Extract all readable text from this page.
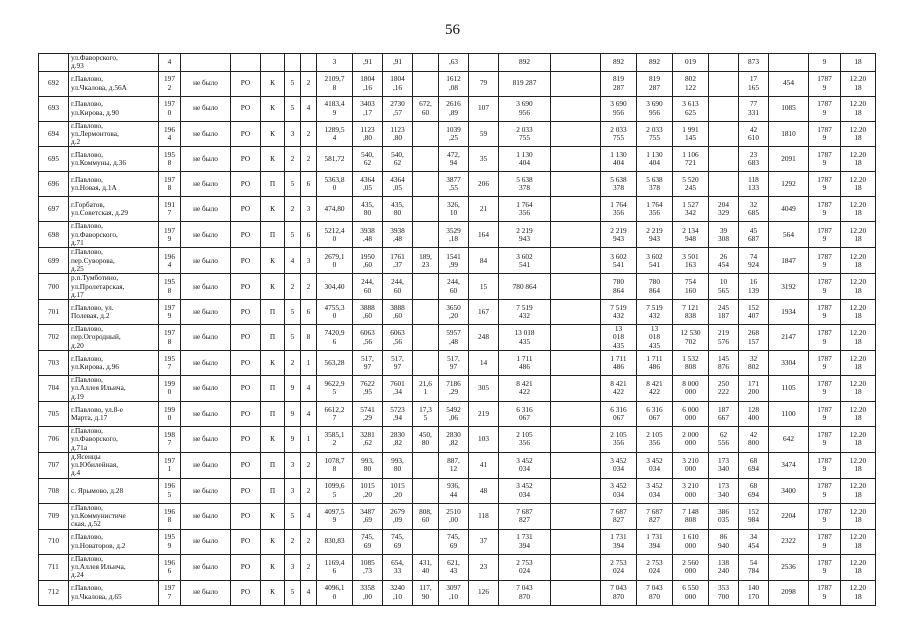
56
	ул.Фаворского,
д.93	4						3	,91	,91		,63		892		892	892	019		873		9	18
692	г.Павлово,
ул.Чкалова, д.56А	197
2	не было	РО	К	5	2	2109,7
8	1804
,16	1804
,16		1612
,08	79	819 287		819
287	819
287	802
122		17
165	454	1787
9	12.20
18
693	г.Павлово,
ул.Кирова, д.90	197
0	не было	РО	К	5	4	4183,4
9	3403
,17	2730
,57	672,
60	2616
,89	107	3 690
956		3 690
956	3 690
956	3 613
625		77
331	1085	1787
9	12.20
18
694	г.Павлово,
ул.Лермонтова,
д.2	196
4	не было	РО	К	3	2	1289,5
4	1123
,80	1123
,80		1039
,25	59	2 033
755		2 033
755	2 033
755	1 991
145		42
610	1810	1787
9	12.20
18
695	г.Павлово,
ул.Коммуны, д.36	195
8	не было	РО	К	2	2	581,72	540,
62	540,
62		472,
94	35	1 130
404		1 130
404	1 130
404	1 106
721		23
683	2091	1787
9	12.20
18
696	г.Павлово,
ул.Новая, д.1А	197
8	не было	РО	П	5	6	5363,8
0	4364
,05	4364
,05		3877
,55	206	5 638
378		5 638
378	5 638
378	5 520
245		118
133	1292	1787
9	12.20
18
697	г.Горбатов,
ул.Советская, д.29	191
7	не было	РО	К	2	3	474,80	435,
80	435,
80		326,
10	21	1 764
356		1 764
356	1 764
356	1 527
342	204
329	32
685	4049	1787
9	12.20
18
698	г.Павлово,
ул.Фаворского,
д.71	197
9	не было	РО	П	5	6	5212,4
0	3938
,48	3938
,48		3529
,18	164	2 219
943		2 219
943	2 219
943	2 134
948	39
308	45
687	564	1787
9	12.20
18
699	г.Павлово,
пер.Суворова,
д.25	196
4	не было	РО	К	4	3	2679,1
0	1950
,60	1761
,37	189,
23	1541
,99	84	3 602
541		3 602
541	3 602
541	3 501
163	26
454	74
924	1847	1787
9	12.20
18
700	р.п.Тумботино,
ул.Пролетарская,
д.17	195
8	не было	РО	К	2	2	304,40	244,
60	244,
60		244,
60	15	780 864		780
864	780
864	754
160	10
565	16
139	3192	1787
9	12.20
18
701	г.Павлово, ул.
Полевая, д.2	197
9	не было	РО	П	5	6	4755,3
0	3888
,60	3888
,60		3650
,20	167	7 519
432		7 519
432	7 519
432	7 121
838	245
187	152
407	1934	1787
9	12.20
18
702	г.Павлово,
пер.Огородный,
д.20	197
8	не было	РО	П	5	8	7420,9
6	6063
,56	6063
,56		5957
,48	248	13 018
435		13
018
435	13
018
435	12 530
702	219
576	268
157	2147	1787
9	12.20
18
703	г.Павлово,
ул.Кирова, д.96	195
7	не было	РО	К	2	1	563,28	517,
97	517,
97		517,
97	14	1 711
486		1 711
486	1 711
486	1 532
808	145
876	32
802	3304	1787
9	12.20
18
704	г.Павлово,
ул.Аллея Ильича,
д.19	199
0	не было	РО	П	9	4	9622,9
5	7622
,95	7601
,34	21,6
1	7186
,29	305	8 421
422		8 421
422	8 421
422	8 000
000	250
222	171
200	1105	1787
9	12.20
18
705	г.Павлово, ул.8-е
Марта, д.17	199
0	не было	РО	П	9	4	6612,2
7	5741
,29	5723
,94	17,3
5	5492
,06	219	6 316
067		6 316
067	6 316
067	6 000
000	187
667	128
400	1100	1787
9	12.20
18
706	г.Павлово,
ул.Фаворского,
д.71а	198
7	не было	РО	К	9	1	3585,1
2	3281
,62	2830
,82	450,
80	2830
,82	103	2 105
356		2 105
356	2 105
356	2 000
000	62
556	42
800	642	1787
9	12.20
18
707	д.Ясенцы
ул.Юбилейная,
д.4	197
1	не было	РО	П	3	2	1078,7
8	993,
80	993,
80		887,
12	41	3 452
034		3 452
034	3 452
034	3 210
000	173
340	68
694	3474	1787
9	12.20
18
708	с. Ярымово, д.28	196
5	не было	РО	П	3	2	1099,6
5	1015
,20	1015
,20		936,
44	48	3 452
034		3 452
034	3 452
034	3 210
000	173
340	68
694	3400	1787
9	12.20
18
709	г.Павлово,
ул.Коммунистиче
ская, д.52	196
8	не было	РО	К	5	4	4097,5
9	3487
,69	2679
,09	808,
60	2510
,00	118	7 687
827		7 687
827	7 687
827	7 148
808	386
035	152
984	2204	1787
9	12.20
18
710	г.Павлово,
ул.Новаторов, д.2	195
9	не было	РО	К	2	2	830,83	745,
69	745,
69		745,
69	37	1 731
394		1 731
394	1 731
394	1 610
000	86
940	34
454	2322	1787
9	12.20
18
711	г.Павлово,
ул.Аллея Ильича,
д.24	196
6	не было	РО	К	3	2	1169,4
6	1085
,73	654,
33	431,
40	621,
43	23	2 753
024		2 753
024	2 753
024	2 560
000	138
240	54
784	2536	1787
9	12.20
18
712	г.Павлово,
ул.Чкалова, д.65	197
7	не было	РО	К	5	4	4096,1
0	3358
,00	3240
,10	117,
90	3097
,10	126	7 043
870		7 043
870	7 043
870	6 550
000	353
700	140
170	2098	1787
9	12.20
18
